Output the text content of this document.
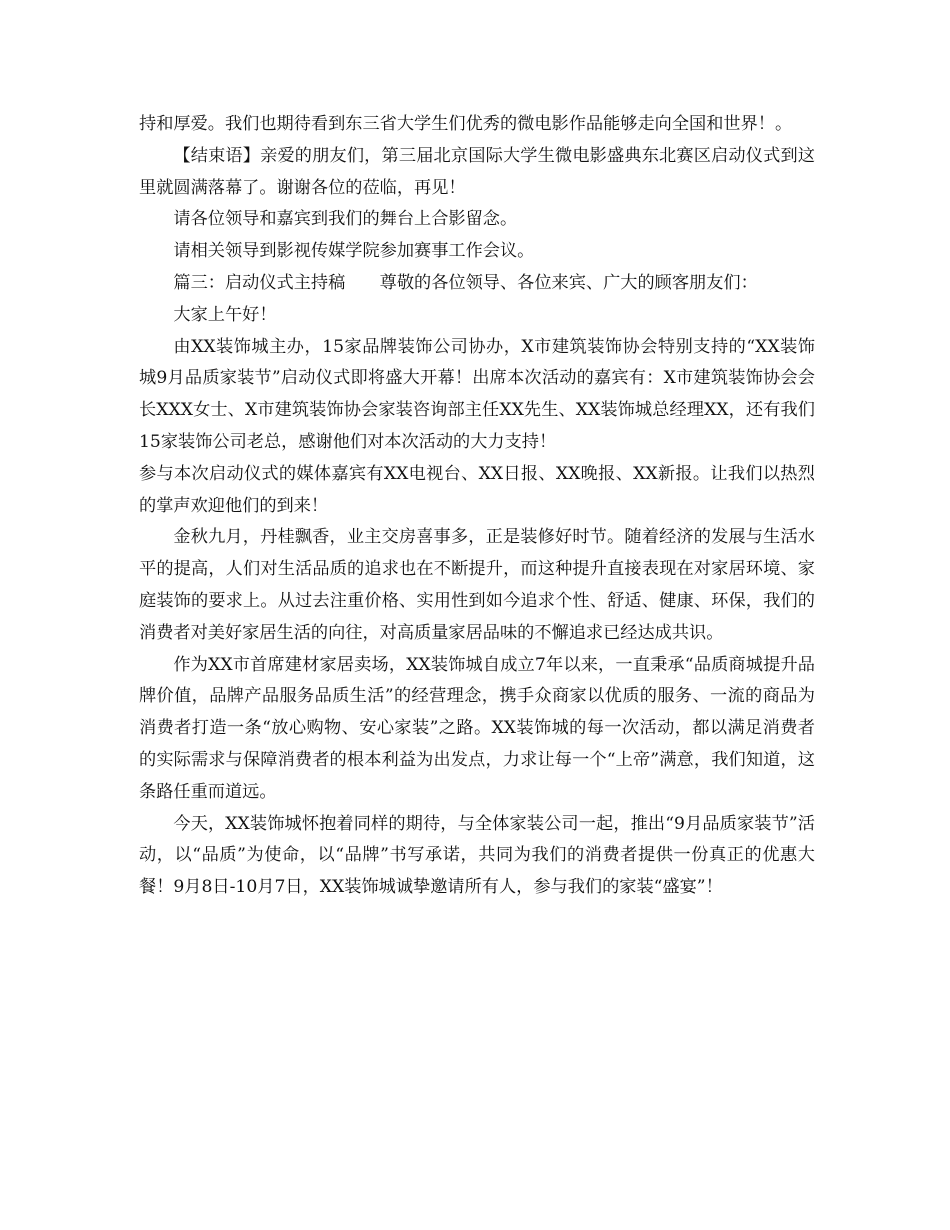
持和厚爱。我们也期待看到东三省大学生们优秀的微电影作品能够走向全国和世界！。

【结束语】亲爱的朋友们，第三届北京国际大学生微电影盛典东北赛区启动仪式到这里就圆满落幕了。谢谢各位的莅临，再见！

请各位领导和嘉宾到我们的舞台上合影留念。

请相关领导到影视传媒学院参加赛事工作会议。

篇三：启动仪式主持稿 尊敬的各位领导、各位来宾、广大的顾客朋友们：

大家上午好！

由XX装饰城主办，15家品牌装饰公司协办，X市建筑装饰协会特别支持的“XX装饰城9月品质家装节”启动仪式即将盛大开幕！出席本次活动的嘉宾有：X市建筑装饰协会会长XXX女士、X市建筑装饰协会家装咨询部主任XX先生、XX装饰城总经理XX，还有我们15家装饰公司老总，感谢他们对本次活动的大力支持！

参与本次启动仪式的媒体嘉宾有XX电视台、XX日报、XX晚报、XX新报。让我们以热烈的掌声欢迎他们的到来！

金秋九月，丹桂飘香，业主交房喜事多，正是装修好时节。随着经济的发展与生活水平的提高，人们对生活品质的追求也在不断提升，而这种提升直接表现在对家居环境、家庭装饰的要求上。从过去注重价格、实用性到如今追求个性、舒适、健康、环保，我们的消费者对美好家居生活的向往，对高质量家居品味的不懈追求已经达成共识。

作为XX市首席建材家居卖场，XX装饰城自成立7年以来，一直秉承“品质商城提升品牌价值，品牌产品服务品质生活”的经营理念，携手众商家以优质的服务、一流的商品为消费者打造一条“放心购物、安心家装”之路。XX装饰城的每一次活动，都以满足消费者的实际需求与保障消费者的根本利益为出发点，力求让每一个“上帝”满意，我们知道，这条路任重而道远。

今天，XX装饰城怀抱着同样的期待，与全体家装公司一起，推出“9月品质家装节”活动，以“品质”为使命，以“品牌”书写承诺，共同为我们的消费者提供一份真正的优惠大餐！9月8日-10月7日，XX装饰城诚挚邀请所有人，参与我们的家装“盛宴”！
